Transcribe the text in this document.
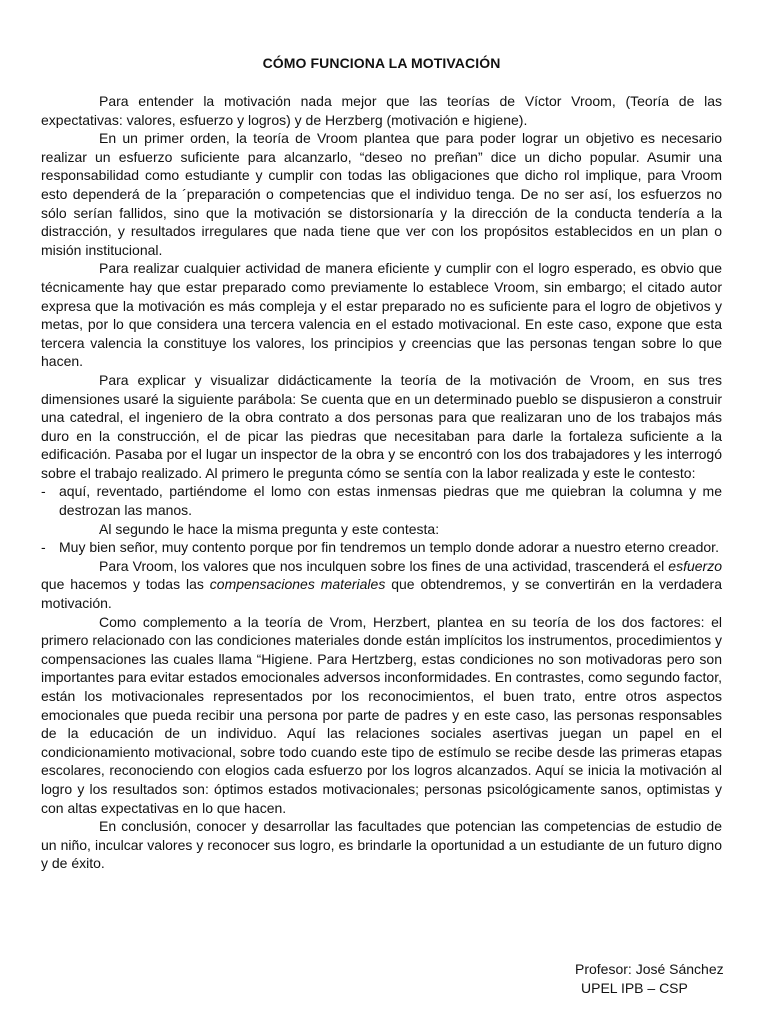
CÓMO FUNCIONA LA MOTIVACIÓN

Para entender la motivación nada mejor que las teorías de Víctor Vroom, (Teoría de las expectativas: valores, esfuerzo y logros) y de Herzberg (motivación e higiene).

En un primer orden, la teoría de Vroom plantea que para poder lograr un objetivo es necesario realizar un esfuerzo suficiente para alcanzarlo, “deseo no preñan” dice un dicho popular. Asumir una responsabilidad como estudiante y cumplir con todas las obligaciones que dicho rol implique, para Vroom esto dependerá de la ´preparación o competencias que el individuo tenga. De no ser así, los esfuerzos no sólo serían fallidos, sino que la motivación se distorsionaría y la dirección de la conducta tendería a la distracción, y resultados irregulares que nada tiene que ver con los propósitos establecidos en un plan o misión institucional.

Para realizar cualquier actividad de manera eficiente y cumplir con el logro esperado, es obvio que técnicamente hay que estar preparado como previamente lo establece Vroom, sin embargo; el citado autor expresa que la motivación es más compleja y el estar preparado no es suficiente para el logro de objetivos y metas, por lo que considera una tercera valencia en el estado motivacional. En este caso, expone que esta tercera valencia la constituye los valores, los principios y creencias que las personas tengan sobre lo que hacen.

Para explicar y visualizar didácticamente la teoría de la motivación de Vroom, en sus tres dimensiones usaré la siguiente parábola: Se cuenta que en un determinado pueblo se dispusieron a construir una catedral, el ingeniero de la obra contrato a dos personas para que realizaran uno de los trabajos más duro en la construcción, el de picar las piedras que necesitaban para darle la fortaleza suficiente a la edificación. Pasaba por el lugar un inspector de la obra y se encontró con los dos trabajadores y les interrogó sobre el trabajo realizado. Al primero le pregunta cómo se sentía con la labor realizada y este le contesto:

- aquí, reventado, partiéndome el lomo con estas inmensas piedras que me quiebran la columna y me destrozan las manos.

Al segundo le hace la misma pregunta y este contesta:

- Muy bien señor, muy contento porque por fin tendremos un templo donde adorar a nuestro eterno creador.

Para Vroom, los valores que nos inculquen sobre los fines de una actividad, trascenderá el esfuerzo que hacemos y todas las compensaciones materiales que obtendremos, y se convertirán en la verdadera motivación.

Como complemento a la teoría de Vrom, Herzbert, plantea en su teoría de los dos factores: el primero relacionado con las condiciones materiales donde están implícitos los instrumentos, procedimientos y compensaciones las cuales llama “Higiene. Para Hertzberg, estas condiciones no son motivadoras pero son importantes para evitar estados emocionales adversos inconformidades. En contrastes, como segundo factor, están los motivacionales representados por los reconocimientos, el buen trato, entre otros aspectos emocionales que pueda recibir una persona por parte de padres y en este caso, las personas responsables de la educación de un individuo. Aquí las relaciones sociales asertivas juegan un papel en el condicionamiento motivacional, sobre todo cuando este tipo de estímulo se recibe desde las primeras etapas escolares, reconociendo con elogios cada esfuerzo por los logros alcanzados. Aquí se inicia la motivación al logro y los resultados son: óptimos estados motivacionales; personas psicológicamente sanos, optimistas y con altas expectativas en lo que hacen.

En conclusión, conocer y desarrollar las facultades que potencian las competencias de estudio de un niño, inculcar valores y reconocer sus logro, es brindarle la oportunidad a un estudiante de un futuro digno y de éxito.

Profesor: José Sánchez
UPEL IPB – CSP
